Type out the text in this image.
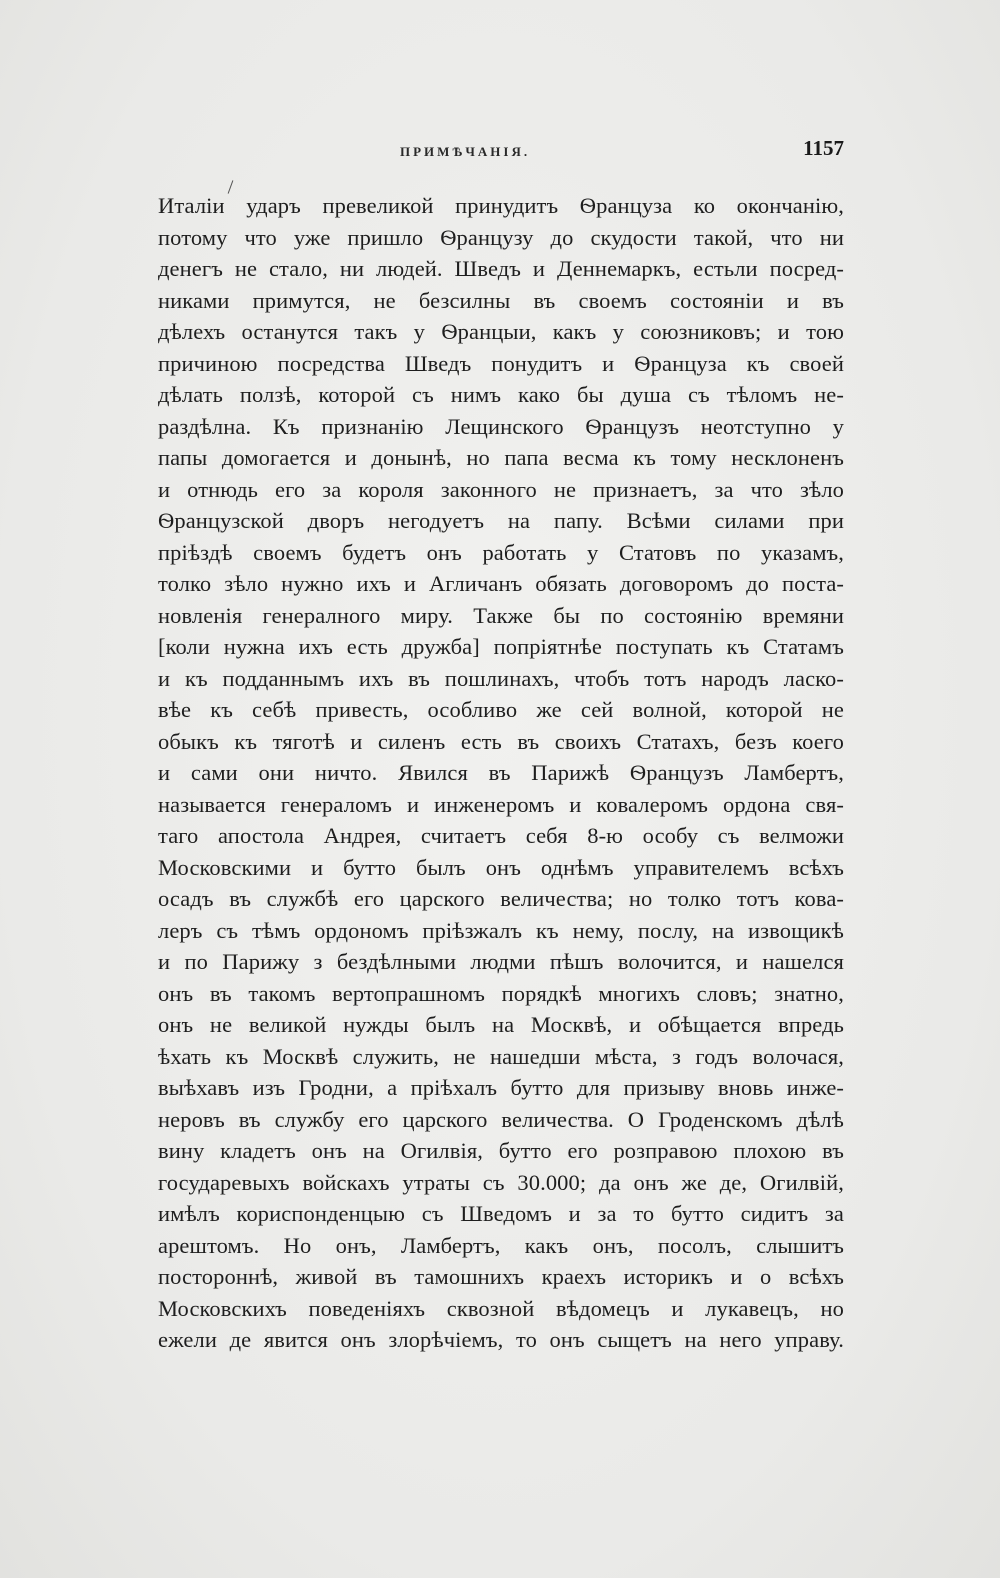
ПРИМѢЧАНІЯ.	1157
Италіи ударъ превеликой принудитъ Ѳранцуза ко окончанію,
потому что уже пришло Ѳранцузу до скудости такой, что ни
денегъ не стало, ни людей. Шведъ и Деннемаркъ, естьли посред-
никами примутся, не безсилны въ своемъ состояніи и въ
дѣлехъ останутся такъ у Ѳранцыи, какъ у союзниковъ; и тою
причиною посредства Шведъ понудитъ и Ѳранцуза къ своей
дѣлать ползѣ, которой съ нимъ како бы душа съ тѣломъ не-
раздѣлна. Къ признанію Лещинского Ѳранцузъ неотступно у
папы домогается и донынѣ, но папа весма къ тому несклоненъ
и отнюдь его за короля законного не признаетъ, за что зѣло
Ѳранцузской дворъ негодуетъ на папу. Всѣми силами при
пріѣздѣ своемъ будетъ онъ работать у Статовъ по указамъ,
толко зѣло нужно ихъ и Агличанъ обязать договоромъ до поста-
новленія генералного миру. Также бы по состоянію времяни
[коли нужна ихъ есть дружба] попріятнѣе поступать къ Статамъ
и къ подданнымъ ихъ въ пошлинахъ, чтобъ тотъ народъ ласко-
вѣе къ себѣ привесть, особливо же сей волной, которой не
обыкъ къ тяготѣ и силенъ есть въ своихъ Статахъ, безъ коего
и сами они ничто. Явился въ Парижѣ Ѳранцузъ Ламбертъ,
называется генераломъ и инженеромъ и ковалеромъ ордона свя-
таго апостола Андрея, считаетъ себя 8-ю особу съ велможи
Московскими и бутто былъ онъ однѣмъ управителемъ всѣхъ
осадъ въ службѣ его царского величества; но толко тотъ кова-
леръ съ тѣмъ ордономъ пріѣзжалъ къ нему, послу, на извощикѣ
и по Парижу з бездѣлными людми пѣшъ волочится, и нашелся
онъ въ такомъ вертопрашномъ порядкѣ многихъ словъ; знатно,
онъ не великой нужды былъ на Москвѣ, и обѣщается впредь
ѣхать къ Москвѣ служить, не нашедши мѣста, з годъ волочася,
выѣхавъ изъ Гродни, а пріѣхалъ бутто для призыву вновь инже-
неровъ въ службу его царского величества. О Гроденскомъ дѣлѣ
вину кладетъ онъ на Огилвія, бутто его розправою плохою въ
государевыхъ войскахъ утраты съ 30.000; да онъ же де, Огилвій,
имѣлъ кориспонденцыю съ Шведомъ и за то бутто сидитъ за
арештомъ. Но онъ, Ламбертъ, какъ онъ, посолъ, слышитъ
постороннѣ, живой въ тамошнихъ краехъ историкъ и о всѣхъ
Московскихъ поведеніяхъ сквозной вѣдомецъ и лукавецъ, но
ежели де явится онъ злорѣчіемъ, то онъ сыщетъ на него управу.
